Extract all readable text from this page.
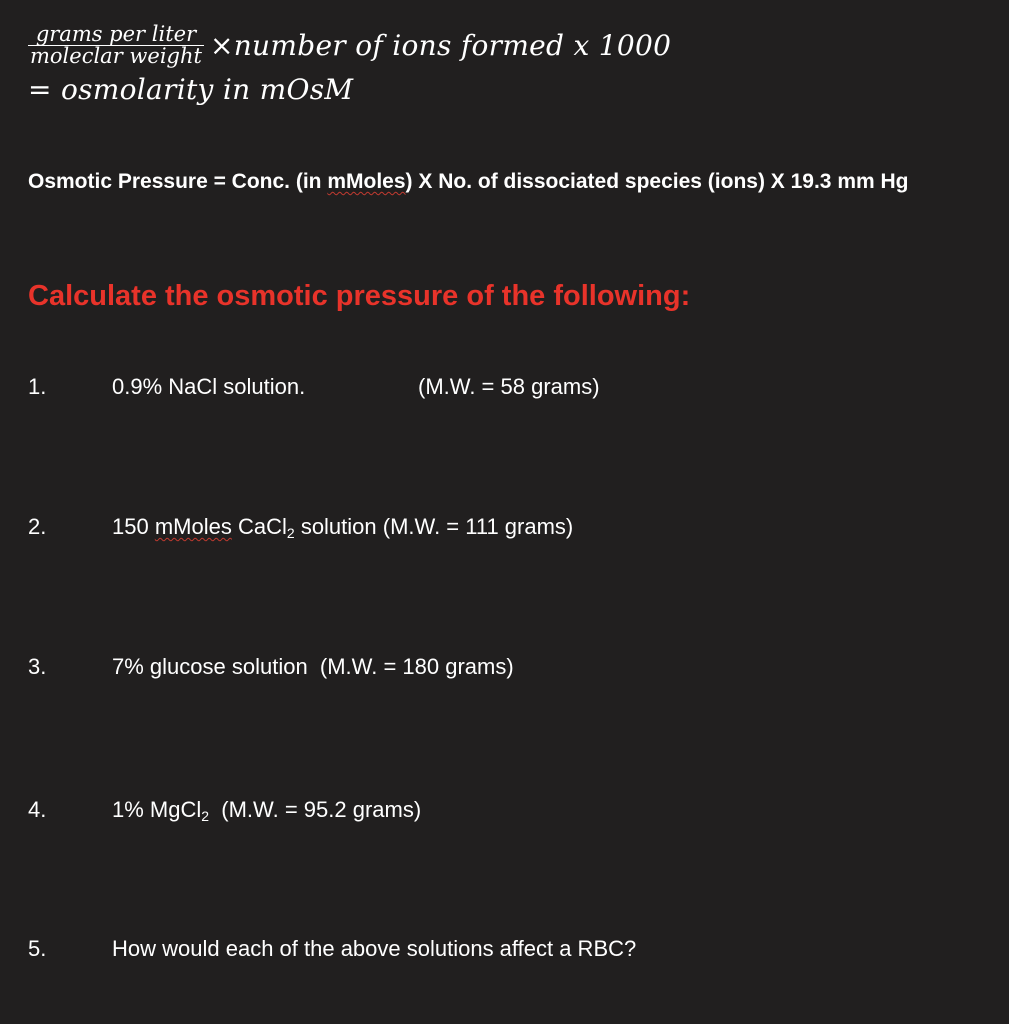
$\frac{\text{grams per liter}}{\text{moleclar weight}}$ ×number of ions formed x 1000
= osmolarity in mOsM
Osmotic Pressure = Conc. (in mMoles) X No. of dissociated species (ions) X 19.3 mm Hg
Calculate the osmotic pressure of the following:
1.	0.9% NaCl solution.	(M.W. = 58 grams)
2.	150 mMoles CaCl$_2$ solution (M.W. = 111 grams)
3.	7% glucose solution  (M.W. = 180 grams)
4.	1% MgCl$_2$ (M.W. = 95.2 grams)
5.	How would each of the above solutions affect a RBC?
